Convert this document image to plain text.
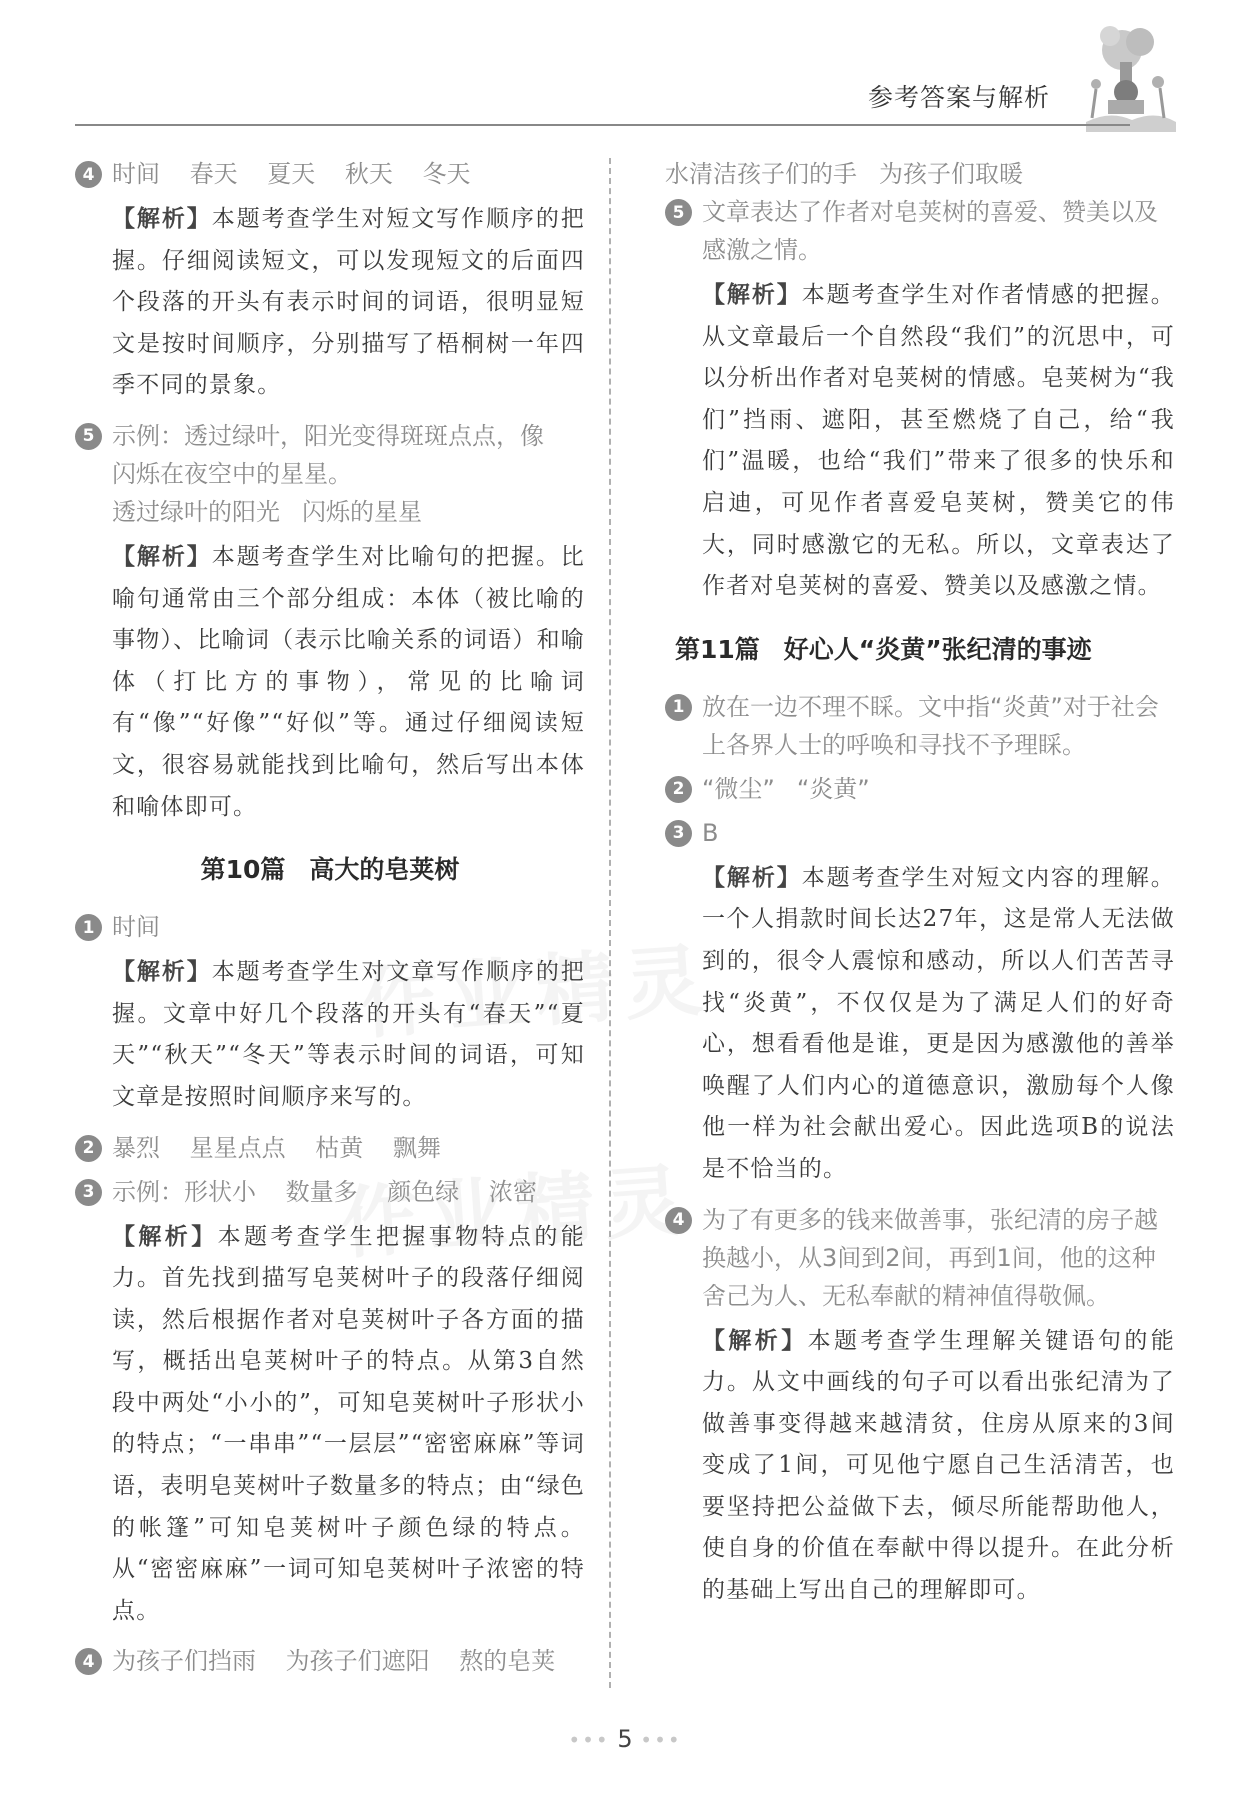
参考答案与解析
4 时间 春天 夏天 秋天 冬天
【解析】本题考查学生对短文写作顺序的把握。仔细阅读短文，可以发现短文的后面四个段落的开头有表示时间的词语，很明显短文是按时间顺序，分别描写了梧桐树一年四季不同的景象。
5 示例：透过绿叶，阳光变得斑斑点点，像
闪烁在夜空中的星星。
透过绿叶的阳光 闪烁的星星
【解析】本题考查学生对比喻句的把握。比喻句通常由三个部分组成：本体（被比喻的事物）、比喻词（表示比喻关系的词语）和喻体（打比方的事物），常见的比喻词有“像”“好像”“好似”等。通过仔细阅读短文，很容易就能找到比喻句，然后写出本体和喻体即可。
第10篇 高大的皂荚树
1 时间
【解析】本题考查学生对文章写作顺序的把握。文章中好几个段落的开头有“春天”“夏天”“秋天”“冬天”等表示时间的词语，可知文章是按照时间顺序来写的。
2 暴烈 星星点点 枯黄 飘舞
3 示例：形状小 数量多 颜色绿 浓密
【解析】本题考查学生把握事物特点的能力。首先找到描写皂荚树叶子的段落仔细阅读，然后根据作者对皂荚树叶子各方面的描写，概括出皂荚树叶子的特点。从第3自然段中两处“小小的”，可知皂荚树叶子形状小的特点；“一串串”“一层层”“密密麻麻”等词语，表明皂荚树叶子数量多的特点；由“绿色的帐篷”可知皂荚树叶子颜色绿的特点。从“密密麻麻”一词可知皂荚树叶子浓密的特点。
4 为孩子们挡雨 为孩子们遮阳 熬的皂荚
水清洁孩子们的手 为孩子们取暖
5 文章表达了作者对皂荚树的喜爱、赞美以及感激之情。
【解析】本题考查学生对作者情感的把握。从文章最后一个自然段“我们”的沉思中，可以分析出作者对皂荚树的情感。皂荚树为“我们”挡雨、遮阳，甚至燃烧了自己，给“我们”温暖，也给“我们”带来了很多的快乐和启迪，可见作者喜爱皂荚树，赞美它的伟大，同时感激它的无私。所以，文章表达了作者对皂荚树的喜爱、赞美以及感激之情。
第11篇 好心人“炎黄”张纪清的事迹
1 放在一边不理不睬。文中指“炎黄”对于社会上各界人士的呼唤和寻找不予理睬。
2 “微尘” “炎黄”
3 B
【解析】本题考查学生对短文内容的理解。一个人捐款时间长达27年，这是常人无法做到的，很令人震惊和感动，所以人们苦苦寻找“炎黄”，不仅仅是为了满足人们的好奇心，想看看他是谁，更是因为感激他的善举唤醒了人们内心的道德意识，激励每个人像他一样为社会献出爱心。因此选项B的说法是不恰当的。
4 为了有更多的钱来做善事，张纪清的房子越换越小，从3间到2间，再到1间，他的这种舍己为人、无私奉献的精神值得敬佩。
【解析】本题考查学生理解关键语句的能力。从文中画线的句子可以看出张纪清为了做善事变得越来越清贫，住房从原来的3间变成了1间，可见他宁愿自己生活清苦，也要坚持把公益做下去，倾尽所能帮助他人，使自身的价值在奉献中得以提升。在此分析的基础上写出自己的理解即可。
••• 5 •••
